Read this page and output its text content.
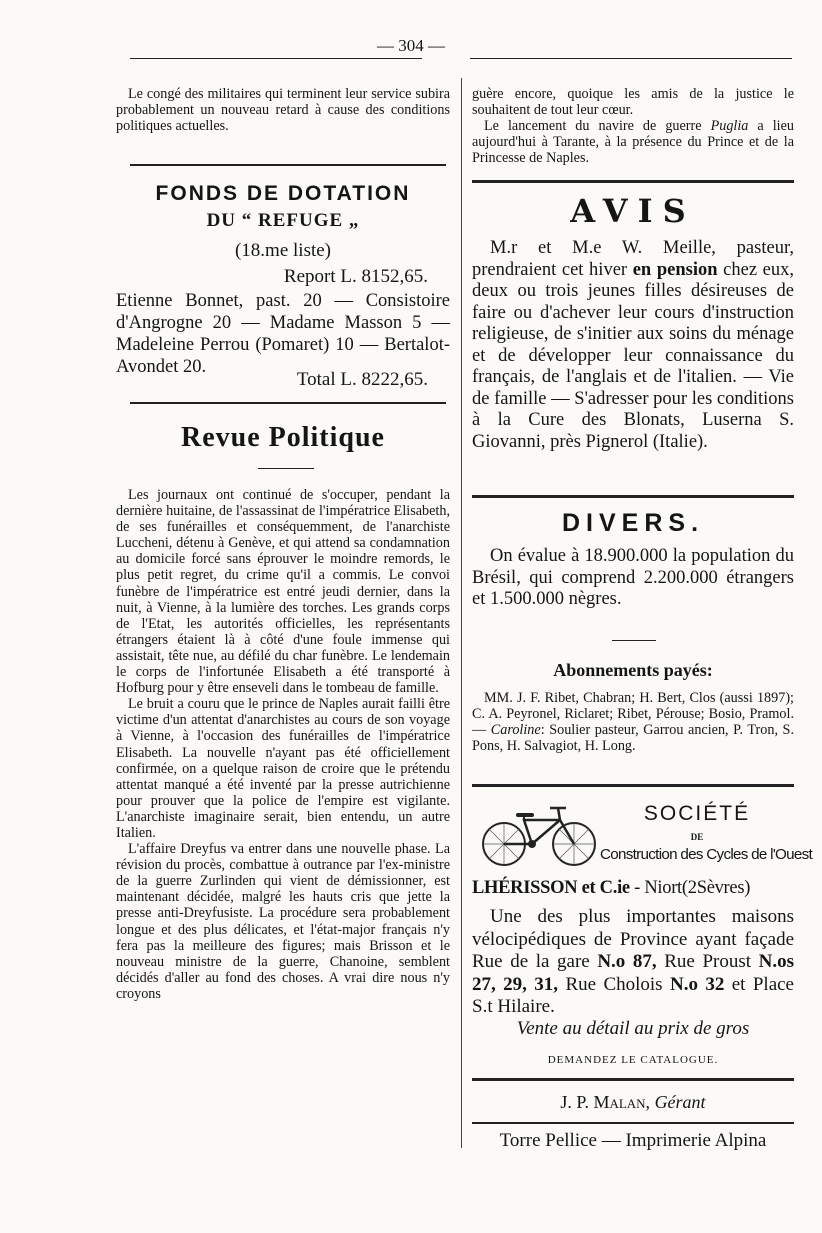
— 304 —

Le congé des militaires qui terminent leur service subira probablement un nouveau retard à cause des conditions politiques actuelles.

FONDS DE DOTATION
DU “ REFUGE „
(18.me liste)
Report L. 8152,65.
Etienne Bonnet, past. 20 — Consistoire d'Angrogne 20 — Madame Masson 5 — Madeleine Perrou (Pomaret) 10 — Bertalot-Avondet 20.
Total L. 8222,65.
Revue Politique

Les journaux ont continué de s'occuper, pendant la dernière huitaine, de l'assassinat de l'impératrice Elisabeth, de ses funérailles et conséquemment, de l'anarchiste Luccheni, détenu à Genève, et qui attend sa condamnation au domicile forcé sans éprouver le moindre remords, le plus petit regret, du crime qu'il a commis. Le convoi funèbre de l'impératrice est entré jeudi dernier, dans la nuit, à Vienne, à la lumière des torches. Les grands corps de l'Etat, les autorités officielles, les représentants étrangers étaient là à côté d'une foule immense qui assistait, tête nue, au défilé du char funèbre. Le lendemain le corps de l'infortunée Elisabeth a été transporté à Hofburg pour y être enseveli dans le tombeau de famille.

Le bruit a couru que le prince de Naples aurait failli être victime d'un attentat d'anarchistes au cours de son voyage à Vienne, à l'occasion des funérailles de l'impératrice Elisabeth. La nouvelle n'ayant pas été officiellement confirmée, on a quelque raison de croire que le prétendu attentat manqué a été inventé par la presse autrichienne pour prouver que la police de l'empire est vigilante. L'anarchiste imaginaire serait, bien entendu, un autre Italien.

L'affaire Dreyfus va entrer dans une nouvelle phase. La révision du procès, combattue à outrance par l'ex-ministre de la guerre Zurlinden qui vient de démissionner, est maintenant décidée, malgré les hauts cris que jette la presse anti-Dreyfusiste. La procédure sera probablement longue et des plus délicates, et l'état-major français n'y fera pas la meilleure des figures; mais Brisson et le nouveau ministre de la guerre, Chanoine, semblent décidés d'aller au fond des choses. A vrai dire nous n'y croyons

guère encore, quoique les amis de la justice le souhaitent de tout leur cœur.

Le lancement du navire de guerre Puglia a lieu aujourd'hui à Tarante, à la présence du Prince et de la Princesse de Naples.

AVIS
M.r et M.e W. Meille, pasteur, prendraient cet hiver en pension chez eux, deux ou trois jeunes filles désireuses de faire ou d'achever leur cours d'instruction religieuse, de s'initier aux soins du ménage et de développer leur connaissance du français, de l'anglais et de l'italien. — Vie de famille — S'adresser pour les conditions à la Cure des Blonats, Luserna S. Giovanni, près Pignerol (Italie).
DIVERS.
On évalue à 18.900.000 la population du Brésil, qui comprend 2.200.000 étrangers et 1.500.000 nègres.
Abonnements payés:

MM. J. F. Ribet, Chabran; H. Bert, Clos (aussi 1897); C. A. Peyronel, Riclaret; Ribet, Pérouse; Bosio, Pramol. — Caroline: Soulier pasteur, Garrou ancien, P. Tron, S. Pons, H. Salvagiot, H. Long.

SOCIÉTÉ
DE
Construction des Cycles de l'Ouest
LHÉRISSON et C.ie - Niort(2Sèvres)
Une des plus importantes maisons vélocipédiques de Province ayant façade Rue de la gare N.o 87, Rue Proust N.os 27, 29, 31, Rue Cholois N.o 32 et Place S.t Hilaire.
Vente au détail au prix de gros
DEMANDEZ LE CATALOGUE.
J. P. Malan, Gérant
Torre Pellice — Imprimerie Alpina
